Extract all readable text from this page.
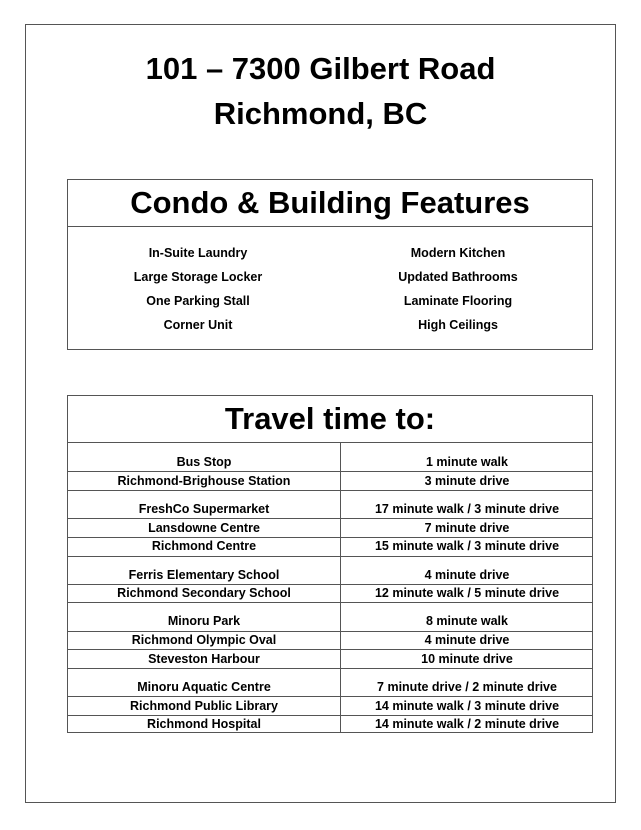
101 – 7300 Gilbert Road
Richmond, BC
Condo & Building Features
In-Suite Laundry
Large Storage Locker
One Parking Stall
Corner Unit
Modern Kitchen
Updated Bathrooms
Laminate Flooring
High Ceilings
Travel time to:
Bus Stop	1 minute walk
Richmond-Brighouse Station	3 minute drive
FreshCo Supermarket	17 minute walk / 3 minute drive
Lansdowne Centre	7 minute drive
Richmond Centre	15 minute walk / 3 minute drive
Ferris Elementary School	4 minute drive
Richmond Secondary School	12 minute walk / 5 minute drive
Minoru Park	8 minute walk
Richmond Olympic Oval	4 minute drive
Steveston Harbour	10 minute drive
Minoru Aquatic Centre	7 minute drive / 2 minute drive
Richmond Public Library	14 minute walk / 3 minute drive
Richmond Hospital	14 minute walk / 2 minute drive
